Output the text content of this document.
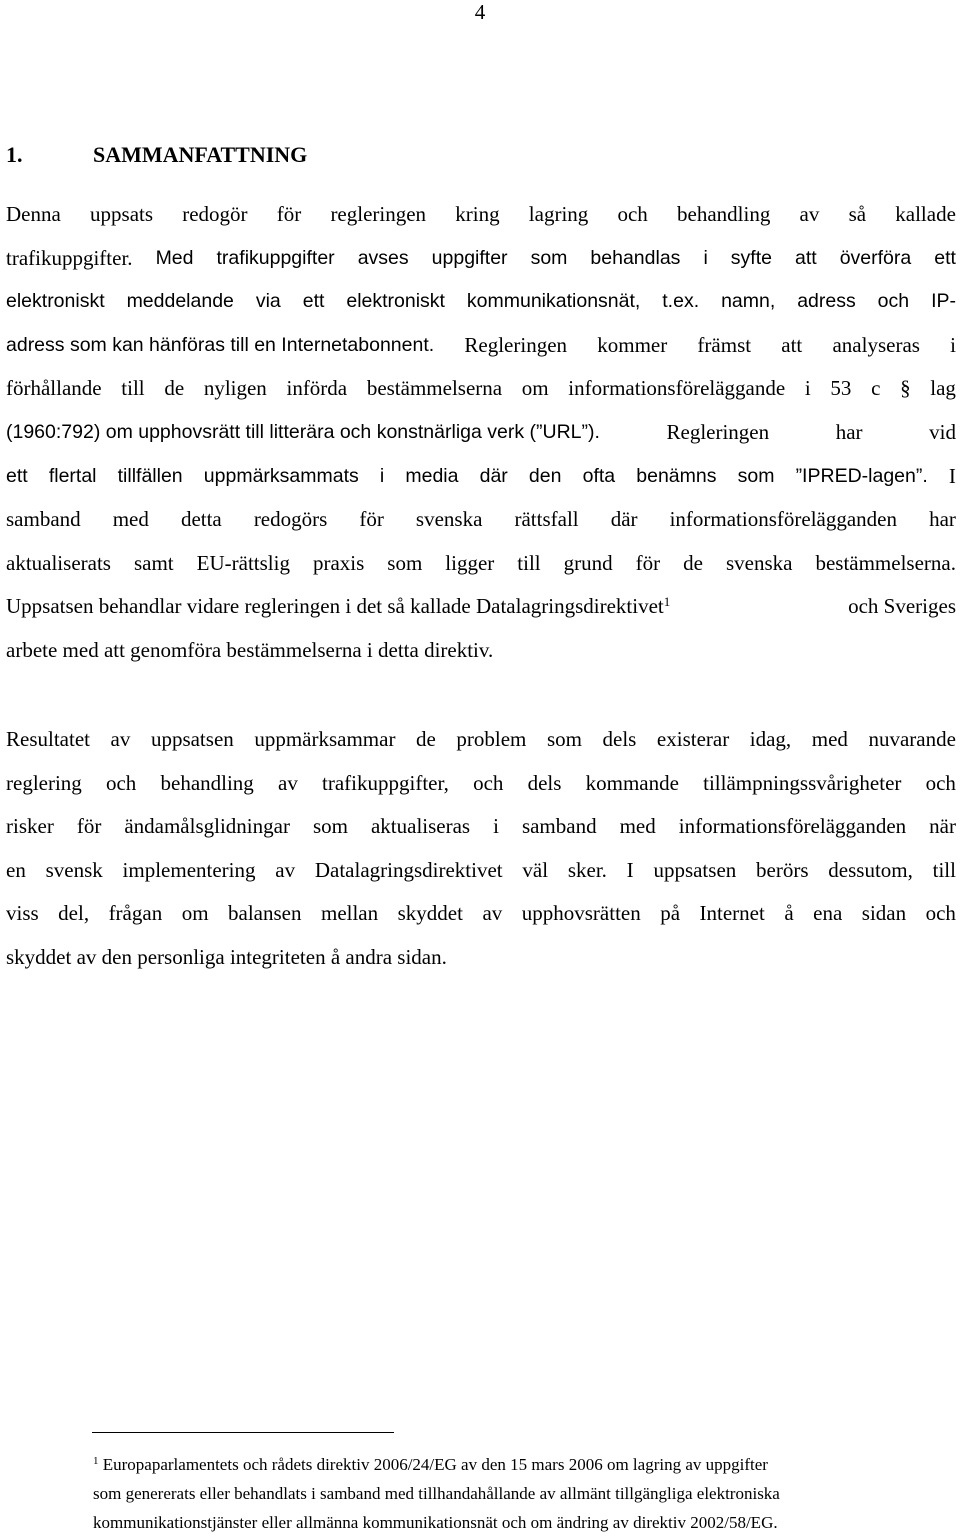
4
1.	SAMMANFATTNING
Denna uppsats redogör för regleringen kring lagring och behandling av så kallade
trafikuppgifter. Med trafikuppgifter avses uppgifter som behandlas i syfte att överföra ett
elektroniskt meddelande via ett elektroniskt kommunikationsnät, t.ex. namn, adress och IP-
adress som kan hänföras till en Internetabonnent. Regleringen kommer främst att analyseras i
förhållande till de nyligen införda bestämmelserna om informationsföreläggande i 53 c § lag
(1960:792) om upphovsrätt till litterära och konstnärliga verk (”URL”).	Regleringen	har	vid
ett flertal tillfällen uppmärksammats i media där den ofta benämns som ”IPRED-lagen”. I
samband med detta redogörs för svenska rättsfall där informationsförelägganden har
aktualiserats samt EU-rättslig praxis som ligger till grund för de svenska bestämmelserna.
Uppsatsen behandlar vidare regleringen i det så kallade Datalagringsdirektivet$^1$	och Sveriges
arbete med att genomföra bestämmelserna i detta direktiv.
Resultatet av uppsatsen uppmärksammar de problem som dels existerar idag, med nuvarande
reglering och behandling av trafikuppgifter, och dels kommande tillämpningssvårigheter och
risker för ändamålsglidningar som aktualiseras i samband med informationsförelägganden när
en svensk implementering av Datalagringsdirektivet väl sker. I uppsatsen berörs dessutom, till
viss del, frågan om balansen mellan skyddet av upphovsrätten på Internet å ena sidan och
skyddet av den personliga integriteten å andra sidan.
$^1$ Europaparlamentets och rådets direktiv 2006/24/EG av den 15 mars 2006 om lagring av uppgifter
som genererats eller behandlats i samband med tillhandahållande av allmänt tillgängliga elektroniska
kommunikationstjänster eller allmänna kommunikationsnät och om ändring av direktiv 2002/58/EG.
